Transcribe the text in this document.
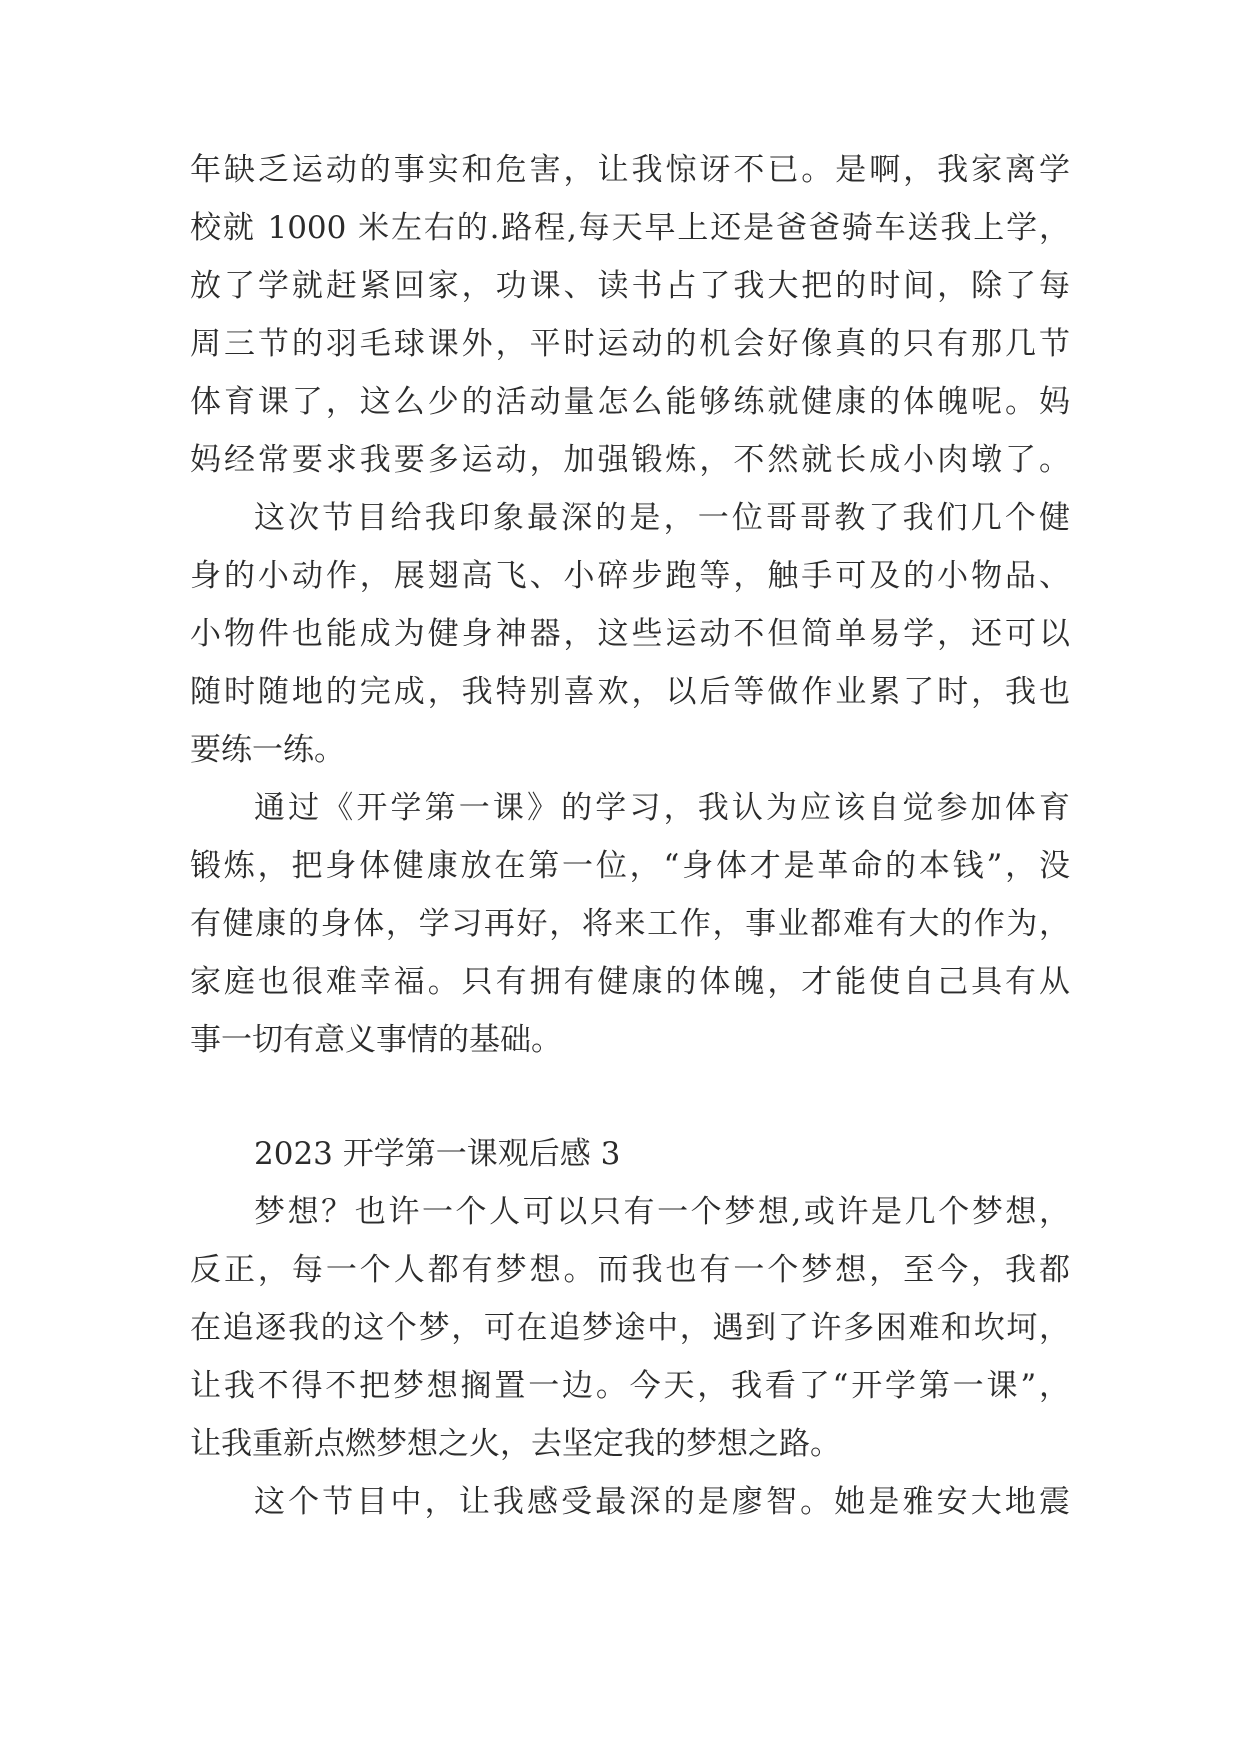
年缺乏运动的事实和危害，让我惊讶不已。是啊，我家离学
校就 1000 米左右的.路程,每天早上还是爸爸骑车送我上学，
放了学就赶紧回家，功课、读书占了我大把的时间，除了每
周三节的羽毛球课外，平时运动的机会好像真的只有那几节
体育课了，这么少的活动量怎么能够练就健康的体魄呢。妈
妈经常要求我要多运动，加强锻炼，不然就长成小肉墩了。
这次节目给我印象最深的是，一位哥哥教了我们几个健
身的小动作，展翅高飞、小碎步跑等，触手可及的小物品、
小物件也能成为健身神器，这些运动不但简单易学，还可以
随时随地的完成，我特别喜欢，以后等做作业累了时，我也
要练一练。
通过《开学第一课》的学习，我认为应该自觉参加体育
锻炼，把身体健康放在第一位，“身体才是革命的本钱”，没
有健康的身体，学习再好，将来工作，事业都难有大的作为，
家庭也很难幸福。只有拥有健康的体魄，才能使自己具有从
事一切有意义事情的基础。
2023 开学第一课观后感 3
梦想？也许一个人可以只有一个梦想,或许是几个梦想，
反正，每一个人都有梦想。而我也有一个梦想，至今，我都
在追逐我的这个梦，可在追梦途中，遇到了许多困难和坎坷，
让我不得不把梦想搁置一边。今天，我看了“开学第一课”，
让我重新点燃梦想之火，去坚定我的梦想之路。
这个节目中，让我感受最深的是廖智。她是雅安大地震
